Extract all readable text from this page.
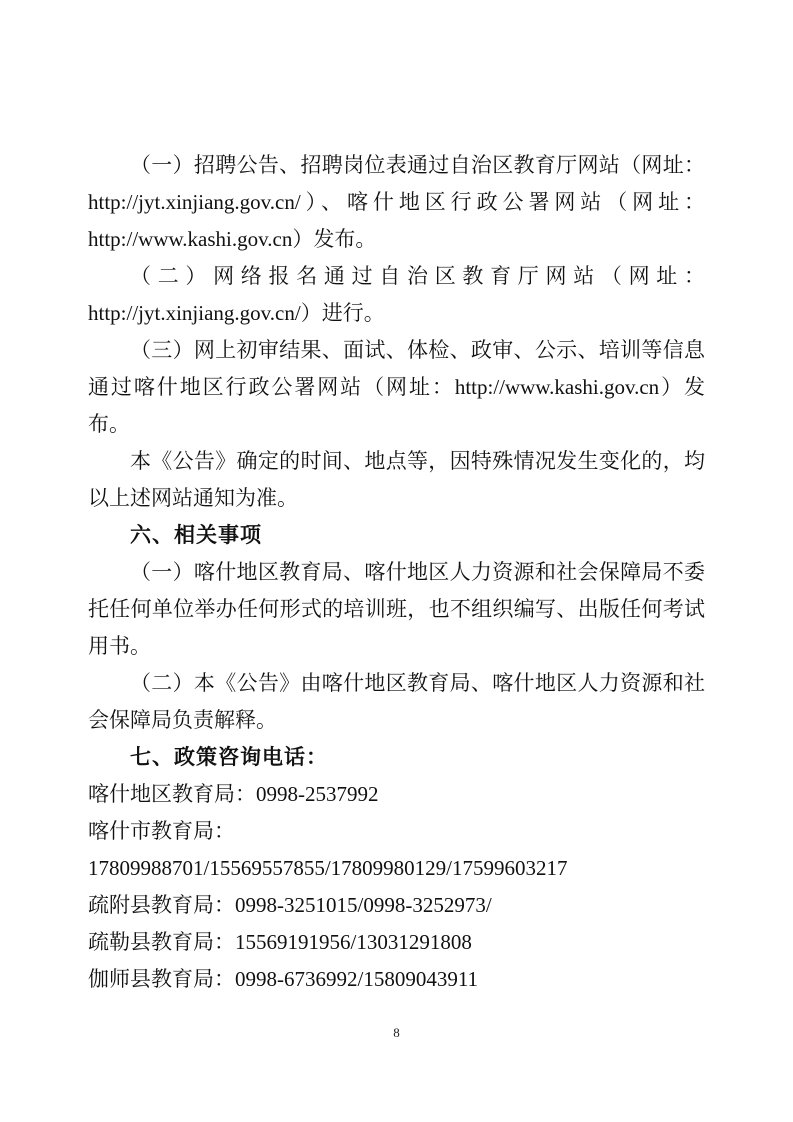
（一）招聘公告、招聘岗位表通过自治区教育厅网站（网址：http://jyt.xinjiang.gov.cn/）、喀什地区行政公署网站（网址：http://www.kashi.gov.cn）发布。

（二）网络报名通过自治区教育厅网站（网址：http://jyt.xinjiang.gov.cn/）进行。

（三）网上初审结果、面试、体检、政审、公示、培训等信息通过喀什地区行政公署网站（网址：http://www.kashi.gov.cn）发布。

本《公告》确定的时间、地点等，因特殊情况发生变化的，均以上述网站通知为准。

六、相关事项

（一）喀什地区教育局、喀什地区人力资源和社会保障局不委托任何单位举办任何形式的培训班，也不组织编写、出版任何考试用书。

（二）本《公告》由喀什地区教育局、喀什地区人力资源和社会保障局负责解释。

七、政策咨询电话：

喀什地区教育局：0998-2537992

喀什市教育局：17809988701/15569557855/17809980129/17599603217

疏附县教育局：0998-3251015/0998-3252973/

疏勒县教育局：15569191956/13031291808

伽师县教育局：0998-6736992/15809043911

8
